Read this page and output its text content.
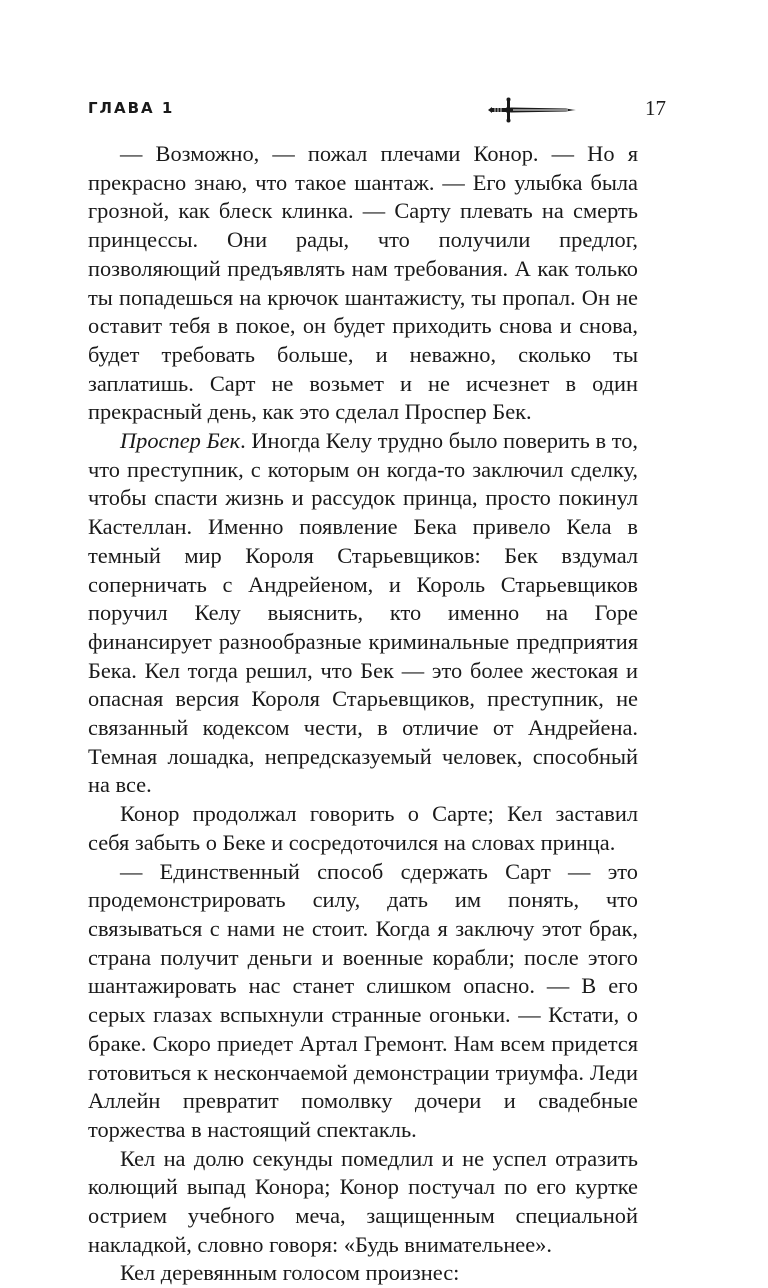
ГЛАВА 1	17

— Возможно, — пожал плечами Конор. — Но я прекрасно знаю, что такое шантаж. — Его улыбка была грозной, как блеск клинка. — Сарту плевать на смерть принцессы. Они рады, что получили предлог, позволяющий предъявлять нам требования. А как только ты попадешься на крючок шантажисту, ты пропал. Он не оставит тебя в покое, он будет приходить снова и снова, будет требовать больше, и неважно, сколько ты заплатишь. Сарт не возьмет и не исчезнет в один прекрасный день, как это сделал Проспер Бек.

Проспер Бек. Иногда Келу трудно было поверить в то, что преступник, с которым он когда-то заключил сделку, чтобы спасти жизнь и рассудок принца, просто покинул Кастеллан. Именно появление Бека привело Кела в темный мир Короля Старьевщиков: Бек вздумал соперничать с Андрейеном, и Король Старьевщиков поручил Келу выяснить, кто именно на Горе финансирует разнообразные криминальные предприятия Бека. Кел тогда решил, что Бек — это более жестокая и опасная версия Короля Старьевщиков, преступник, не связанный кодексом чести, в отличие от Андрейена. Темная лошадка, непредсказуемый человек, способный на все.

Конор продолжал говорить о Сарте; Кел заставил себя забыть о Беке и сосредоточился на словах принца.

— Единственный способ сдержать Сарт — это продемонстрировать силу, дать им понять, что связываться с нами не стоит. Когда я заключу этот брак, страна получит деньги и военные корабли; после этого шантажировать нас станет слишком опасно. — В его серых глазах вспыхнули странные огоньки. — Кстати, о браке. Скоро приедет Артал Гремонт. Нам всем придется готовиться к нескончаемой демонстрации триумфа. Леди Аллейн превратит помолвку дочери и свадебные торжества в настоящий спектакль.

Кел на долю секунды помедлил и не успел отразить колющий выпад Конора; Конор постучал по его куртке острием учебного меча, защищенным специальной накладкой, словно говоря: «Будь внимательнее».

Кел деревянным голосом произнес:
